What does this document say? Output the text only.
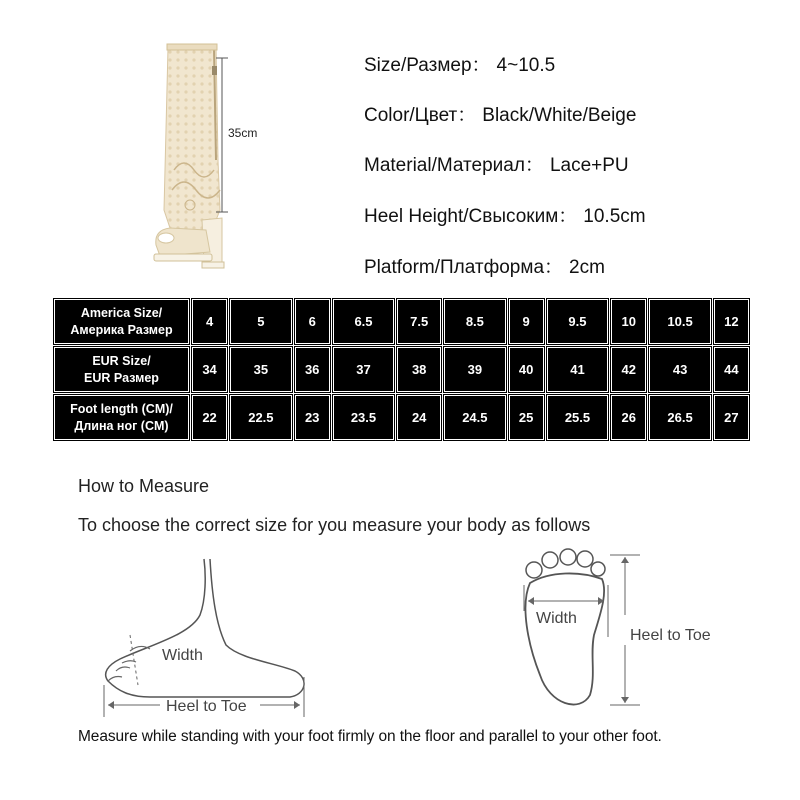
35cm
Size/Размер： 4~10.5
Color/Цвет： Black/White/Beige
Material/Материал： Lace+PU
Heel Height/Свысоким： 10.5cm
Platform/Платформа： 2cm
America Size/
Америка Размер	4	5	6	6.5	7.5	8.5	9	9.5	10	10.5	12

EUR Size/
EUR Размер	34	35	36	37	38	39	40	41	42	43	44

Foot length (CM)/
Длина ног (CM)	22	22.5	23	23.5	24	24.5	25	25.5	26	26.5	27
How to Measure
To choose the correct size for you measure your body as follows
Width
Heel to Toe
Width
Heel to Toe
Measure while standing with your foot firmly on the floor and parallel to your other foot.
